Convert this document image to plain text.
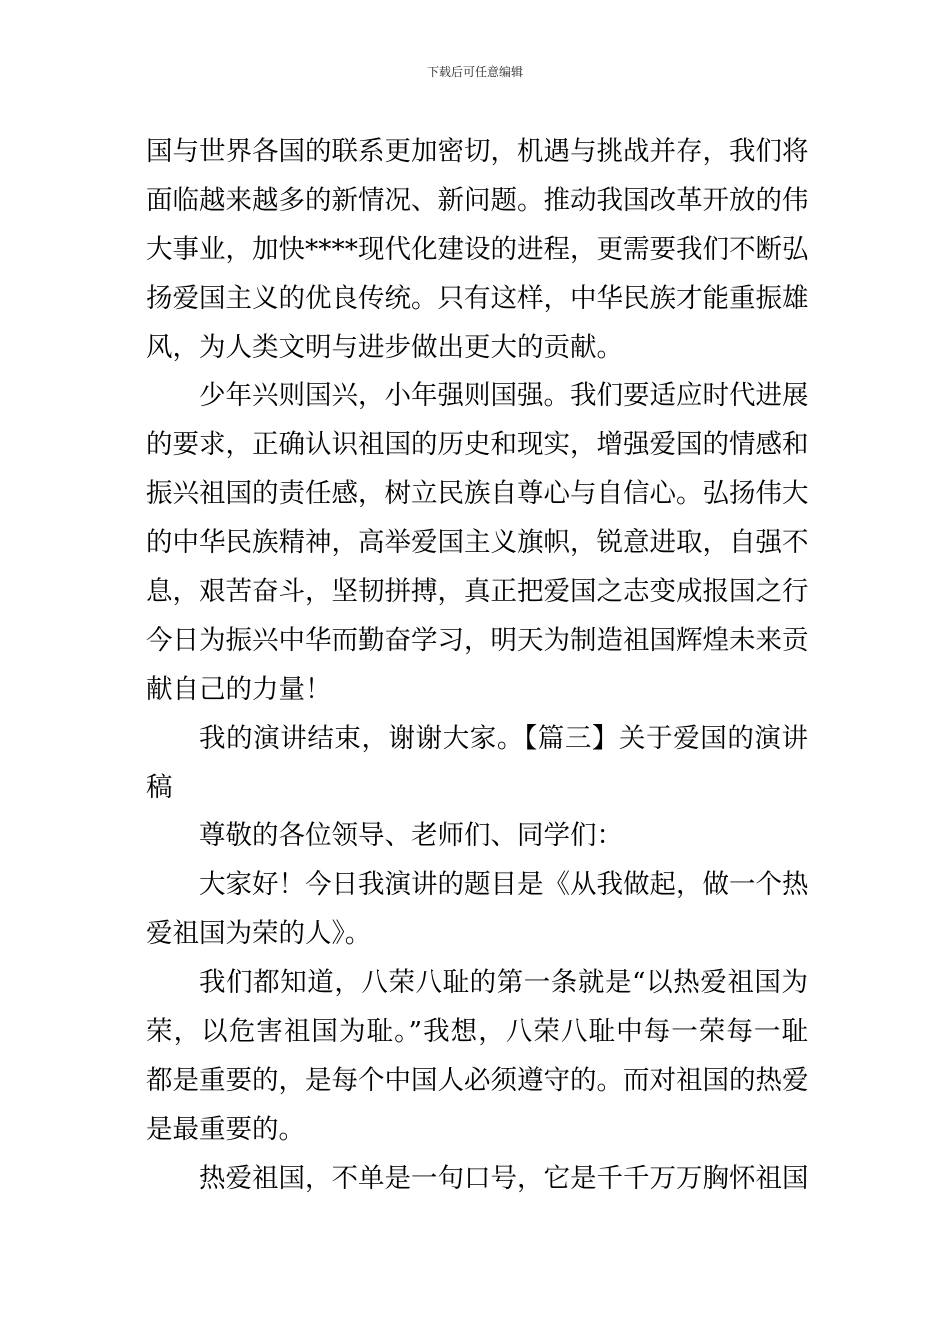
下载后可任意编辑
国与世界各国的联系更加密切，机遇与挑战并存，我们将
面临越来越多的新情况、新问题。推动我国改革开放的伟
大事业，加快****现代化建设的进程，更需要我们不断弘
扬爱国主义的优良传统。只有这样，中华民族才能重振雄
风，为人类文明与进步做出更大的贡献。
少年兴则国兴，小年强则国强。我们要适应时代进展
的要求，正确认识祖国的历史和现实，增强爱国的情感和
振兴祖国的责任感，树立民族自尊心与自信心。弘扬伟大
的中华民族精神，高举爱国主义旗帜，锐意进取，自强不
息，艰苦奋斗，坚韧拼搏，真正把爱国之志变成报国之行
今日为振兴中华而勤奋学习，明天为制造祖国辉煌未来贡
献自己的力量！
我的演讲结束，谢谢大家。【篇三】关于爱国的演讲
稿
尊敬的各位领导、老师们、同学们：
大家好！今日我演讲的题目是《从我做起，做一个热
爱祖国为荣的人》。
我们都知道，八荣八耻的第一条就是“以热爱祖国为
荣，以危害祖国为耻。”我想，八荣八耻中每一荣每一耻
都是重要的，是每个中国人必须遵守的。而对祖国的热爱
是最重要的。
热爱祖国，不单是一句口号，它是千千万万胸怀祖国
